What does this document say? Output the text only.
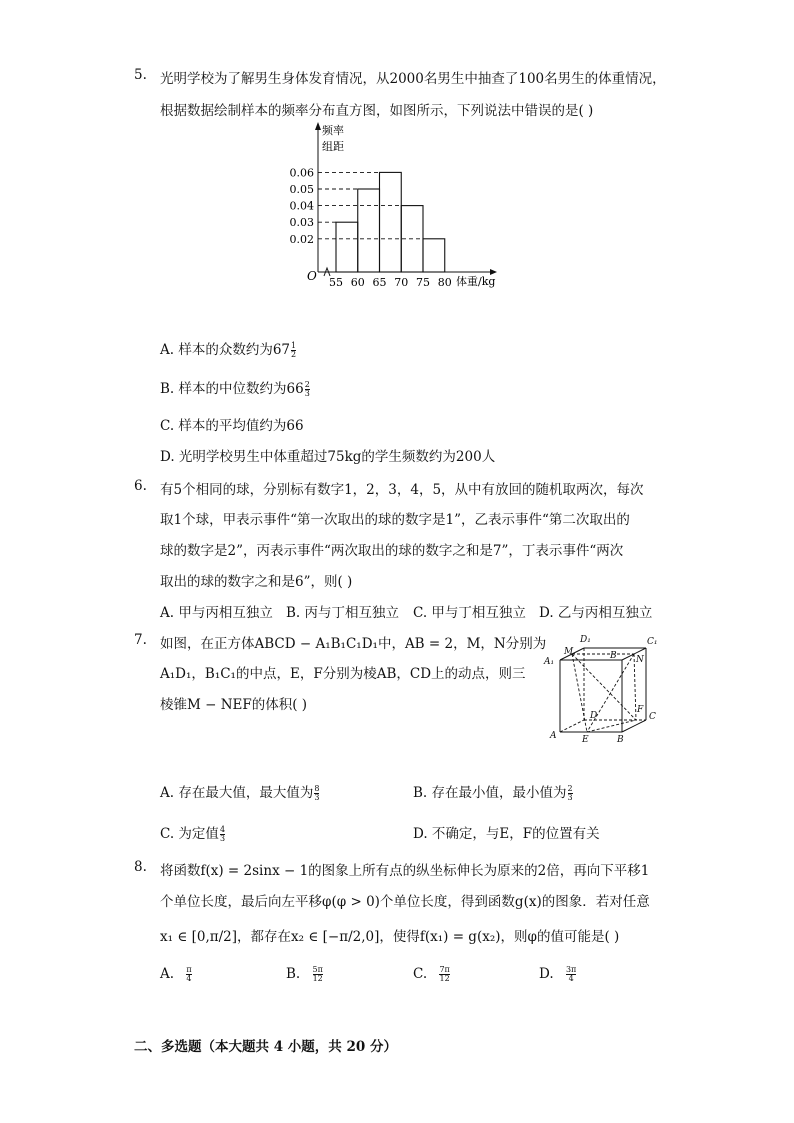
5. 光明学校为了解男生身体发育情况，从2000名男生中抽查了100名男生的体重情况，
根据数据绘制样本的频率分布直方图，如图所示，下列说法中错误的是( )
0.06
0.05
0.04
0.03
0.02
55 60 65 70 75 80
频率
组距
O	体重/kg
A. 样本的众数约为$67 \frac{1}{2}$
B. 样本的中位数约为$66 \frac{2}{3}$
C. 样本的平均值约为66
D. 光明学校男生中体重超过75kg的学生频数约为200人
6. 有5个相同的球，分别标有数字1，2，3，4，5，从中有放回的随机取两次，每次
取1个球，甲表示事件“第一次取出的球的数字是1”，乙表示事件“第二次取出的
球的数字是2”，丙表示事件“两次取出的球的数字之和是7”，丁表示事件“两次
取出的球的数字之和是6”，则( )
A. 甲与丙相互独立 B. 丙与丁相互独立 C. 甲与丁相互独立 D. 乙与丙相互独立
7. 如图，在正方体ABCD − A₁B₁C₁D₁中，AB = 2，M，N分别为
A₁D₁，B₁C₁的中点，E，F分别为棱AB，CD上的动点，则三
棱锥M − NEF的体积( )
D₁	C₁
M
N
A₁
B
D
F
C
A	E	B
A. 存在最大值，最大值为 $\frac{8}{3}$	B. 存在最小值，最小值为 $\frac{2}{3}$
C. 为定值 $\frac{4}{3}$	D. 不确定，与E，F的位置有关
8. 将函数f(x) = 2sinx − 1的图象上所有点的纵坐标伸长为原来的2倍，再向下平移1
个单位长度，最后向左平移φ(φ > 0)个单位长度，得到函数g(x)的图象．若对任意
x₁ ∈ [0,π/2]，都存在x₂ ∈ [−π/2,0]，使得f(x₁) = g(x₂)，则φ的值可能是( )
A. $\frac{\pi}{4}$	B. $\frac{5\pi}{12}$	C. $\frac{7\pi}{12}$	D. $\frac{3\pi}{4}$
二、多选题（本大题共 4 小题，共 20 分）
